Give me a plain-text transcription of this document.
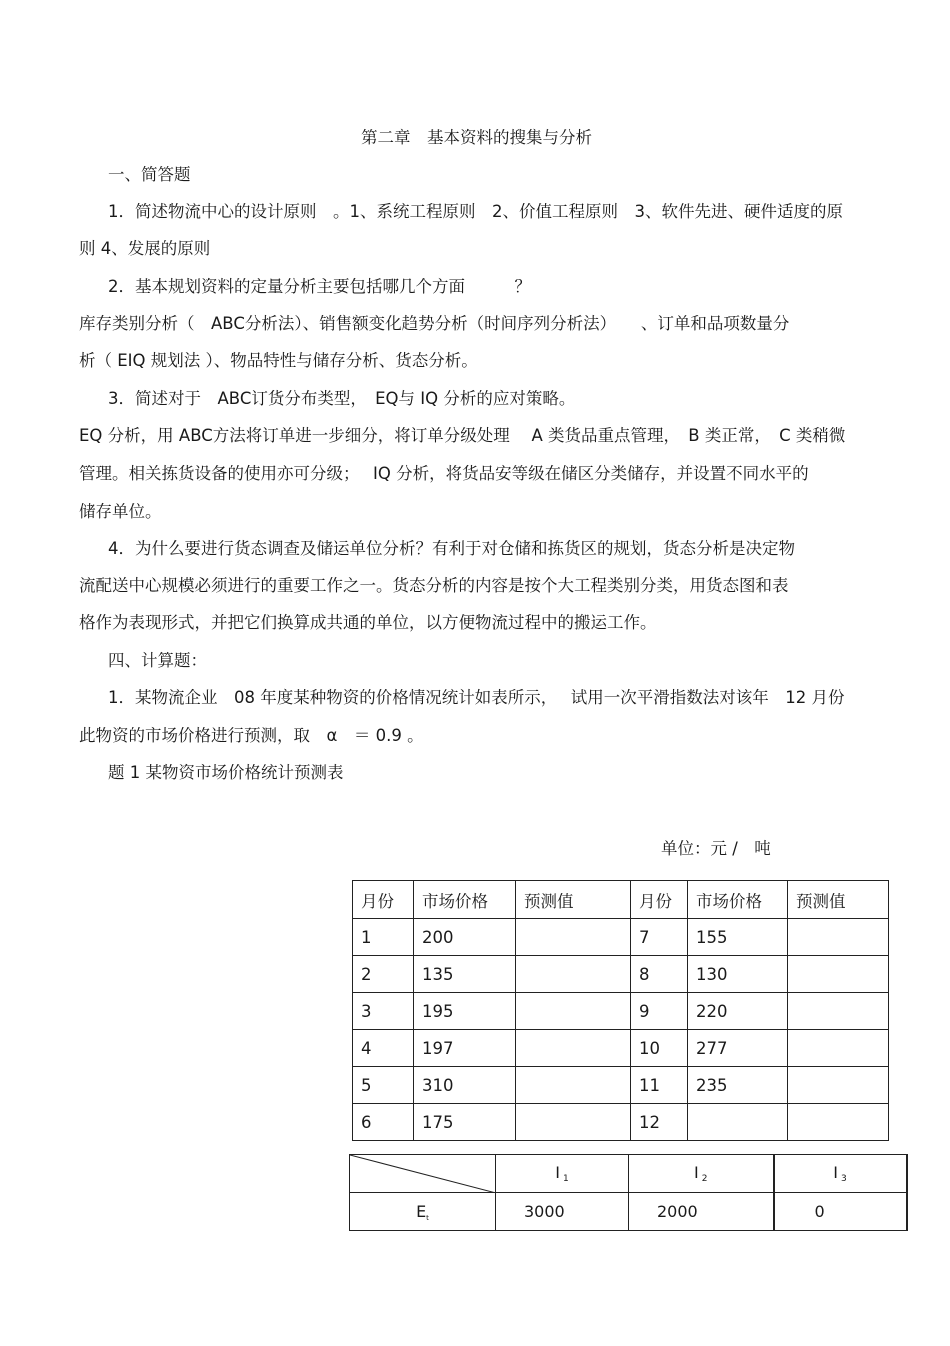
第二章　基本资料的搜集与分析
一、简答题
1．简述物流中心的设计原则　。1、系统工程原则　2、价值工程原则　3、软件先进、硬件适度的原
则 4、发展的原则
2．基本规划资料的定量分析主要包括哪几个方面　　　？
库存类别分析（　ABC分析法）、销售额变化趋势分析（时间序列分析法）　　、订单和品项数量分
析（ EIQ 规划法 ）、物品特性与储存分析、货态分析。
3．简述对于　ABC订货分布类型，　EQ与 IQ 分析的应对策略。
EQ 分析，用 ABC方法将订单进一步细分，将订单分级处理　 A 类货品重点管理，　B 类正常，　C 类稍微
管理。相关拣货设备的使用亦可分级；　 IQ 分析，将货品安等级在储区分类储存，并设置不同水平的
储存单位。
4．为什么要进行货态调查及储运单位分析？有利于对仓储和拣货区的规划，货态分析是决定物
流配送中心规模必须进行的重要工作之一。货态分析的内容是按个大工程类别分类，用货态图和表
格作为表现形式，并把它们换算成共通的单位，以方便物流过程中的搬运工作。
四、计算题：
1．某物流企业　08 年度某种物资的价格情况统计如表所示，　 试用一次平滑指数法对该年　12 月份
此物资的市场价格进行预测，取　α　＝ 0.9 。
题 1 某物资市场价格统计预测表
单位：元 /　吨
月份	市场价格	预测值	月份	市场价格	预测值
1	200		7	155	
2	135		8	130	
3	195		9	220	
4	197		10	277	
5	310		11	235	
6	175		12		
	I $_1$	I $_2$	I $_3$
$E_t$	3000	2000	0
